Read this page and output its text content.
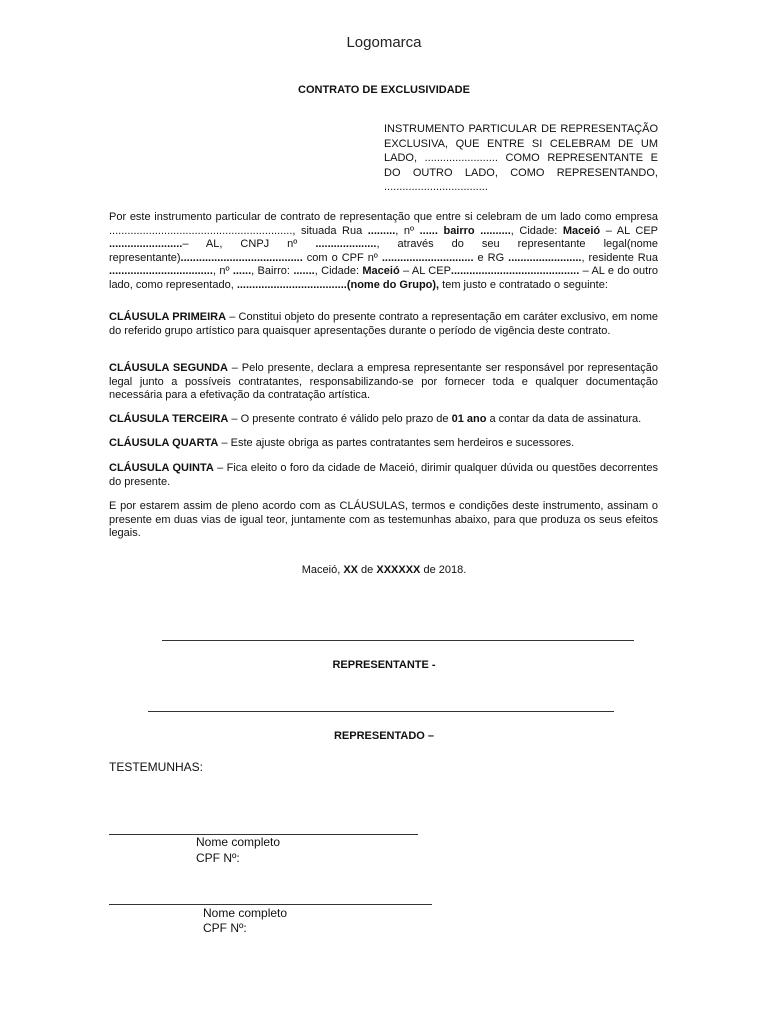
Logomarca
CONTRATO DE EXCLUSIVIDADE
INSTRUMENTO PARTICULAR DE REPRESENTAÇÃO EXCLUSIVA, QUE ENTRE SI CELEBRAM DE UM LADO, ........................ COMO REPRESENTANTE E DO OUTRO LADO, COMO REPRESENTANDO, ..................................
Por este instrumento particular de contrato de representação que entre si celebram de um lado como empresa ............................................................, situada Rua ........., nº ...... bairro .........., Cidade: Maceió – AL CEP ........................– AL, CNPJ nº ...................., através do seu representante legal(nome representante)........................................ com o CPF nº .............................. e RG ........................, residente Rua .................................., nº ......, Bairro: ......., Cidade: Maceió – AL CEP.......................................... – AL e do outro lado, como representado, ....................................(nome do Grupo), tem justo e contratado o seguinte:
CLÁUSULA PRIMEIRA – Constitui objeto do presente contrato a representação em caráter exclusivo, em nome do referido grupo artístico para quaisquer apresentações durante o período de vigência deste contrato.
CLÁUSULA SEGUNDA – Pelo presente, declara a empresa representante ser responsável por representação legal junto a possíveis contratantes, responsabilizando-se por fornecer toda e qualquer documentação necessária para a efetivação da contratação artística.
CLÁUSULA TERCEIRA – O presente contrato é válido pelo prazo de 01 ano a contar da data de assinatura.
CLÁUSULA QUARTA – Este ajuste obriga as partes contratantes sem herdeiros e sucessores.
CLÁUSULA QUINTA – Fica eleito o foro da cidade de Maceió, dirimir qualquer dúvida ou questões decorrentes do presente.
E por estarem assim de pleno acordo com as CLÁUSULAS, termos e condições deste instrumento, assinam o presente em duas vias de igual teor, juntamente com as testemunhas abaixo, para que produza os seus efeitos legais.
Maceió, XX de XXXXXX de 2018.
REPRESENTANTE -
REPRESENTADO –
TESTEMUNHAS:
Nome completo
CPF Nº:
Nome completo
CPF Nº:
